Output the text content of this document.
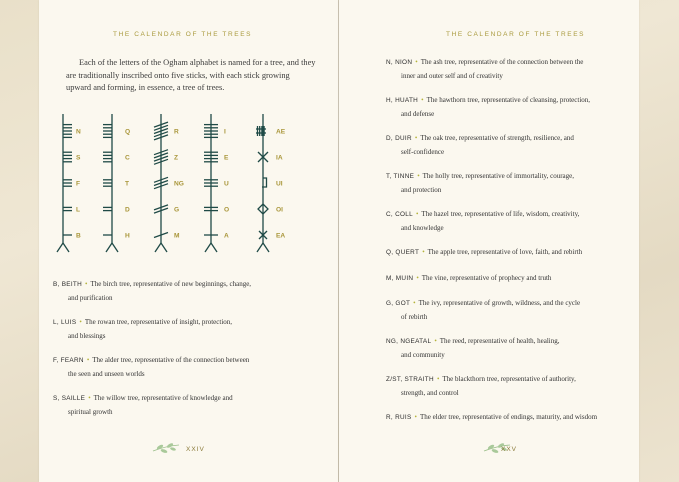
THE CALENDAR OF THE TREES

Each of the letters of the Ogham alphabet is named for a tree, and they are traditionally inscribed onto five sticks, with each stick growing upward and forming, in essence, a tree of trees.

N
S
F
L
B
Q
C
T
D
H
R
Z
NG
G
M
I
E
U
O
A
AE
IA
UI
OI
EA
B, BEITH • The birch tree, representative of new beginnings, change,
and purification
L, LUIS • The rowan tree, representative of insight, protection,
and blessings
F, FEARN • The alder tree, representative of the connection between
the seen and unseen worlds
S, SAILLE • The willow tree, representative of knowledge and
spiritual growth
XXIV
THE CALENDAR OF THE TREES
N, NION • The ash tree, representative of the connection between the
inner and outer self and of creativity
H, HUATH • The hawthorn tree, representative of cleansing, protection,
and defense
D, DUIR • The oak tree, representative of strength, resilience, and
self-confidence
T, TINNE • The holly tree, representative of immortality, courage,
and protection
C, COLL • The hazel tree, representative of life, wisdom, creativity,
and knowledge
Q, QUERT • The apple tree, representative of love, faith, and rebirth
M, MUIN • The vine, representative of prophecy and truth
G, GOT • The ivy, representative of growth, wildness, and the cycle
of rebirth
NG, NGEATAL • The reed, representative of health, healing,
and community
Z/ST, STRAITH • The blackthorn tree, representative of authority,
strength, and control
R, RUIS • The elder tree, representative of endings, maturity, and wisdom
XXV
